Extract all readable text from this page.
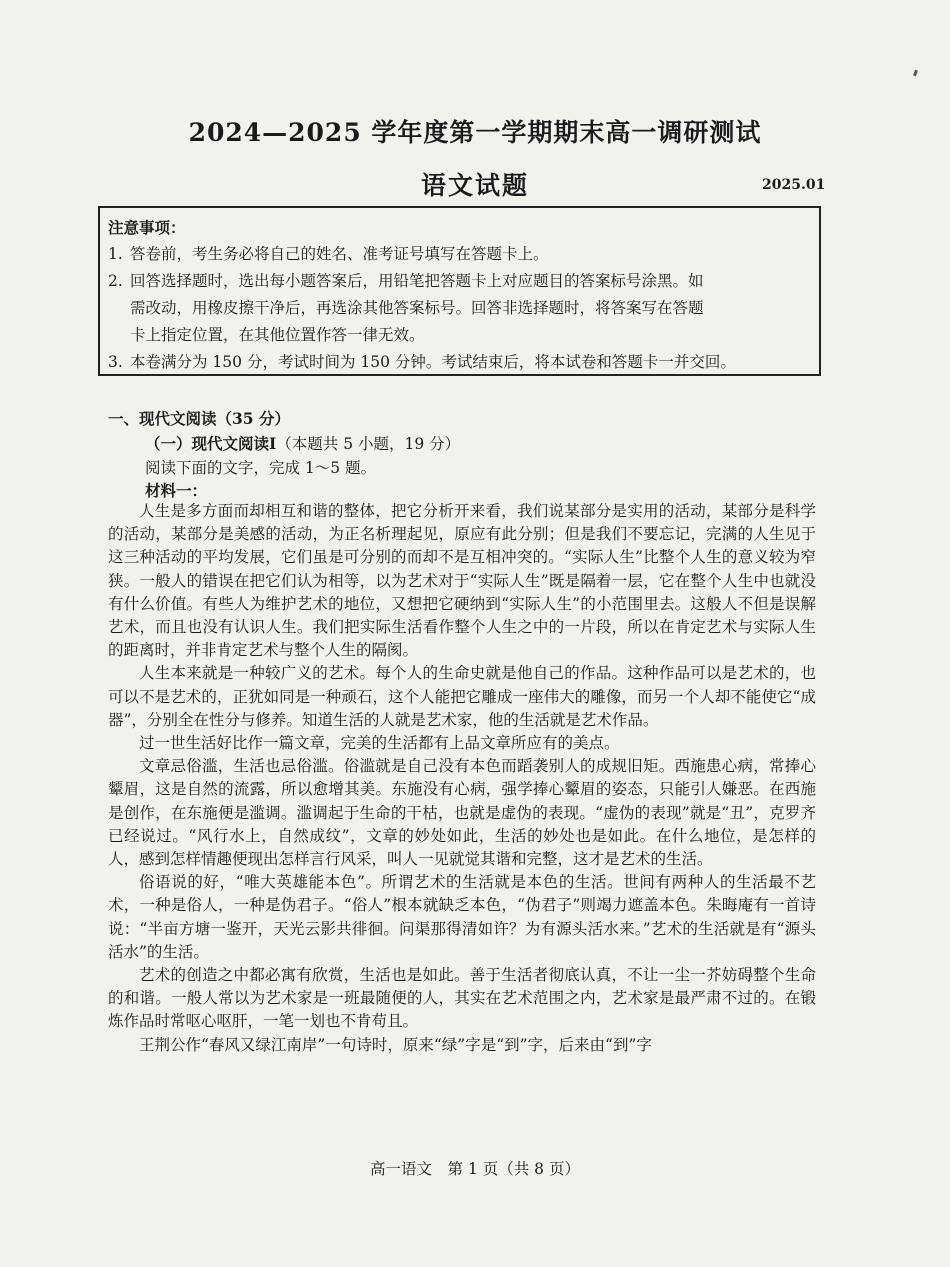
2024—2025 学年度第一学期期末高一调研测试
语文试题	2025.01
注意事项：
1. 答卷前，考生务必将自己的姓名、准考证号填写在答题卡上。
2. 回答选择题时，选出每小题答案后，用铅笔把答题卡上对应题目的答案标号涂黑。如
需改动，用橡皮擦干净后，再选涂其他答案标号。回答非选择题时，将答案写在答题
卡上指定位置，在其他位置作答一律无效。
3. 本卷满分为 150 分，考试时间为 150 分钟。考试结束后，将本试卷和答题卡一并交回。
一、现代文阅读（35 分）
（一）现代文阅读Ⅰ（本题共 5 小题，19 分）
阅读下面的文字，完成 1～5 题。
材料一：

人生是多方面而却相互和谐的整体，把它分析开来看，我们说某部分是实用的活动，某部分是科学的活动，某部分是美感的活动，为正名析理起见，原应有此分别；但是我们不要忘记，完满的人生见于这三种活动的平均发展，它们虽是可分别的而却不是互相冲突的。“实际人生”比整个人生的意义较为窄狭。一般人的错误在把它们认为相等，以为艺术对于“实际人生”既是隔着一层，它在整个人生中也就没有什么价值。有些人为维护艺术的地位，又想把它硬纳到“实际人生”的小范围里去。这般人不但是误解艺术，而且也没有认识人生。我们把实际生活看作整个人生之中的一片段，所以在肯定艺术与实际人生的距离时，并非肯定艺术与整个人生的隔阂。

人生本来就是一种较广义的艺术。每个人的生命史就是他自己的作品。这种作品可以是艺术的，也可以不是艺术的，正犹如同是一种顽石，这个人能把它雕成一座伟大的雕像，而另一个人却不能使它“成器”，分别全在性分与修养。知道生活的人就是艺术家，他的生活就是艺术作品。

过一世生活好比作一篇文章，完美的生活都有上品文章所应有的美点。

文章忌俗滥，生活也忌俗滥。俗滥就是自己没有本色而蹈袭别人的成规旧矩。西施患心病，常捧心颦眉，这是自然的流露，所以愈增其美。东施没有心病，强学捧心颦眉的姿态，只能引人嫌恶。在西施是创作，在东施便是滥调。滥调起于生命的干枯，也就是虚伪的表现。“虚伪的表现”就是“丑”，克罗齐已经说过。“风行水上，自然成纹”，文章的妙处如此，生活的妙处也是如此。在什么地位，是怎样的人，感到怎样情趣便现出怎样言行风采，叫人一见就觉其谐和完整，这才是艺术的生活。

俗语说的好，“唯大英雄能本色”。所谓艺术的生活就是本色的生活。世间有两种人的生活最不艺术，一种是俗人，一种是伪君子。“俗人”根本就缺乏本色，“伪君子”则竭力遮盖本色。朱晦庵有一首诗说：“半亩方塘一鉴开，天光云影共徘徊。问渠那得清如许？为有源头活水来。”艺术的生活就是有“源头活水”的生活。

艺术的创造之中都必寓有欣赏，生活也是如此。善于生活者彻底认真，不让一尘一芥妨碍整个生命的和谐。一般人常以为艺术家是一班最随便的人，其实在艺术范围之内，艺术家是最严肃不过的。在锻炼作品时常呕心呕肝，一笔一划也不肯苟且。

王荆公作“春风又绿江南岸”一句诗时，原来“绿”字是“到”字，后来由“到”字

高一语文　第 1 页（共 8 页）
